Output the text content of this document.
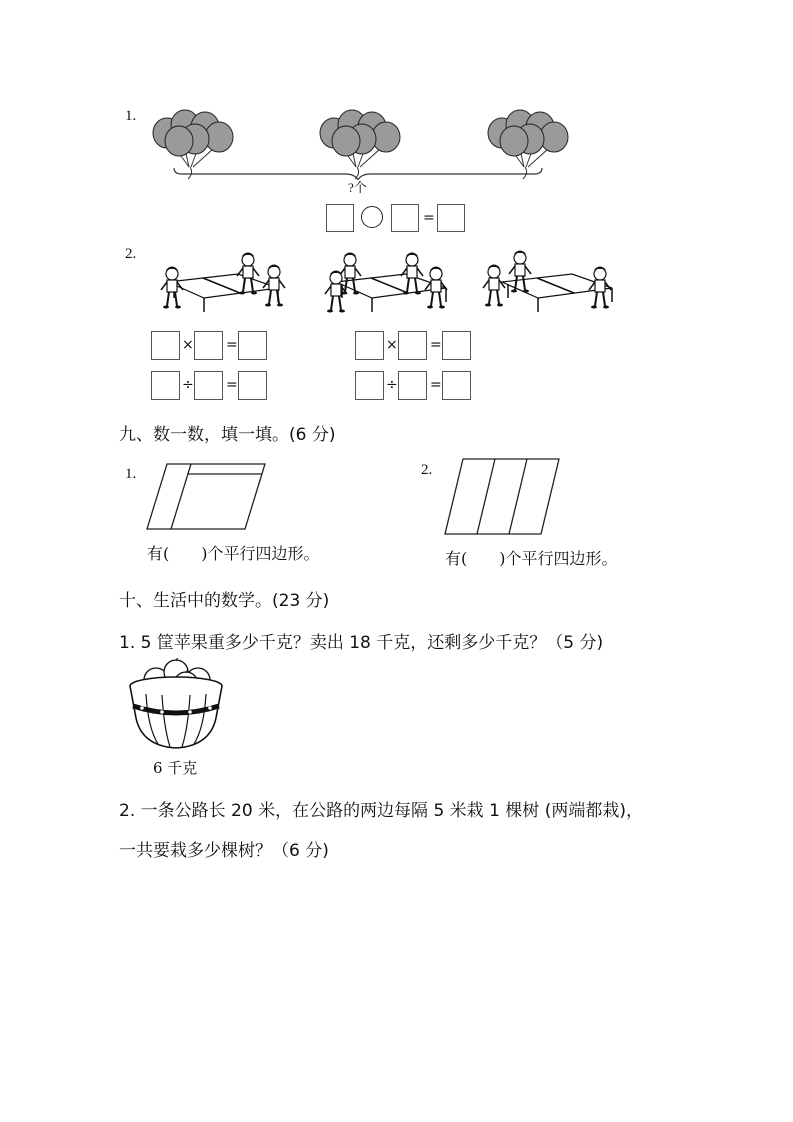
1.
?个
=
2.
× =
÷ =
× =
÷ =
九、数一数，填一填。(6 分)
1.
有(　　)个平行四边形。
2.
有(　　)个平行四边形。
十、生活中的数学。(23 分)
1. 5 筐苹果重多少千克？卖出 18 千克，还剩多少千克？（5 分)
6 千克
2. 一条公路长 20 米，在公路的两边每隔 5 米栽 1 棵树 (两端都栽)，
一共要栽多少棵树？（6 分)
